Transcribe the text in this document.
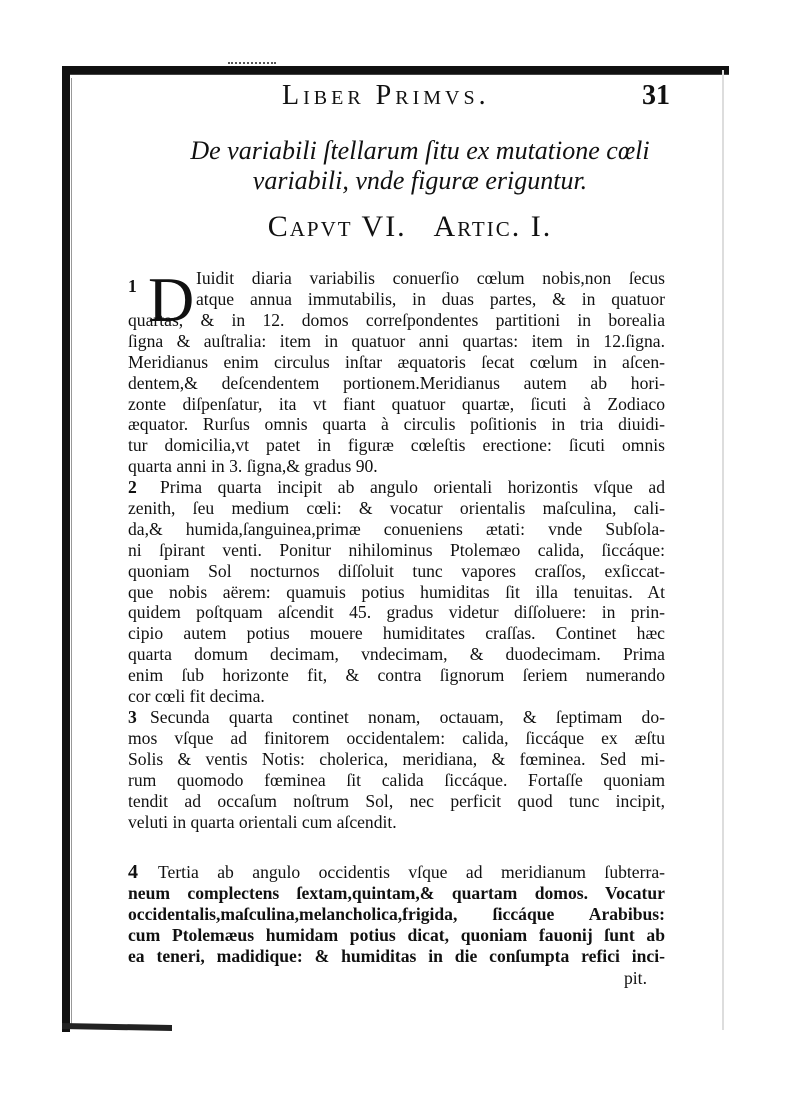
Liber Primvs.	31
De variabili ſtellarum ſitu ex mutatione cœli
variabili, vnde figuræ eriguntur.
Capvt VI.   Artic. I.
1 D Iuidit diaria variabilis conuerſio cœlum nobis,non ſecus
atque annua immutabilis, in duas partes, & in quatuor
quartas, & in 12. domos correſpondentes partitioni in borealia
ſigna & auſtralia: item in quatuor anni quartas: item in 12.ſigna.
Meridianus enim circulus inſtar æquatoris ſecat cœlum in aſcen-
dentem,& deſcendentem portionem.Meridianus autem ab hori-
zonte diſpenſatur, ita vt fiant quatuor quartæ, ſicuti à Zodiaco
æquator. Rurſus omnis quarta à circulis poſitionis in tria diuidi-
tur domicilia,vt patet in figuræ cœleſtis erectione: ſicuti omnis
quarta anni in 3. ſigna,& gradus 90.
2 Prima quarta incipit ab angulo orientali horizontis vſque ad
zenith, ſeu medium cœli: & vocatur orientalis maſculina, cali-
da,& humida,ſanguinea,primæ conueniens ætati: vnde Subſola-
ni ſpirant venti. Ponitur nihilominus Ptolemæo calida, ſiccáque:
quoniam Sol nocturnos diſſoluit tunc vapores craſſos, exſiccat-
que nobis aërem: quamuis potius humiditas ſit illa tenuitas. At
quidem poſtquam aſcendit 45. gradus videtur diſſoluere: in prin-
cipio autem potius mouere humiditates craſſas. Continet hæc
quarta domum decimam, vndecimam, & duodecimam. Prima
enim ſub horizonte fit, & contra ſignorum ſeriem numerando
cor cœli fit decima.
3 Secunda quarta continet nonam, octauam, & ſeptimam do-
mos vſque ad finitorem occidentalem: calida, ſiccáque ex æſtu
Solis & ventis Notis: cholerica, meridiana, & fœminea. Sed mi-
rum quomodo fœminea ſit calida ſiccáque. Fortaſſe quoniam
tendit ad occaſum noſtrum Sol, nec perficit quod tunc incipit,
veluti in quarta orientali cum aſcendit.
4 Tertia ab angulo occidentis vſque ad meridianum ſubterra-
neum complectens ſextam,quintam,& quartam domos. Vocatur
occidentalis,maſculina,melancholica,frigida, ſiccáque Arabibus:
cum Ptolemæus humidam potius dicat, quoniam fauonij ſunt ab
ea teneri, madidique: & humiditas in die conſumpta refici inci-
pit.
